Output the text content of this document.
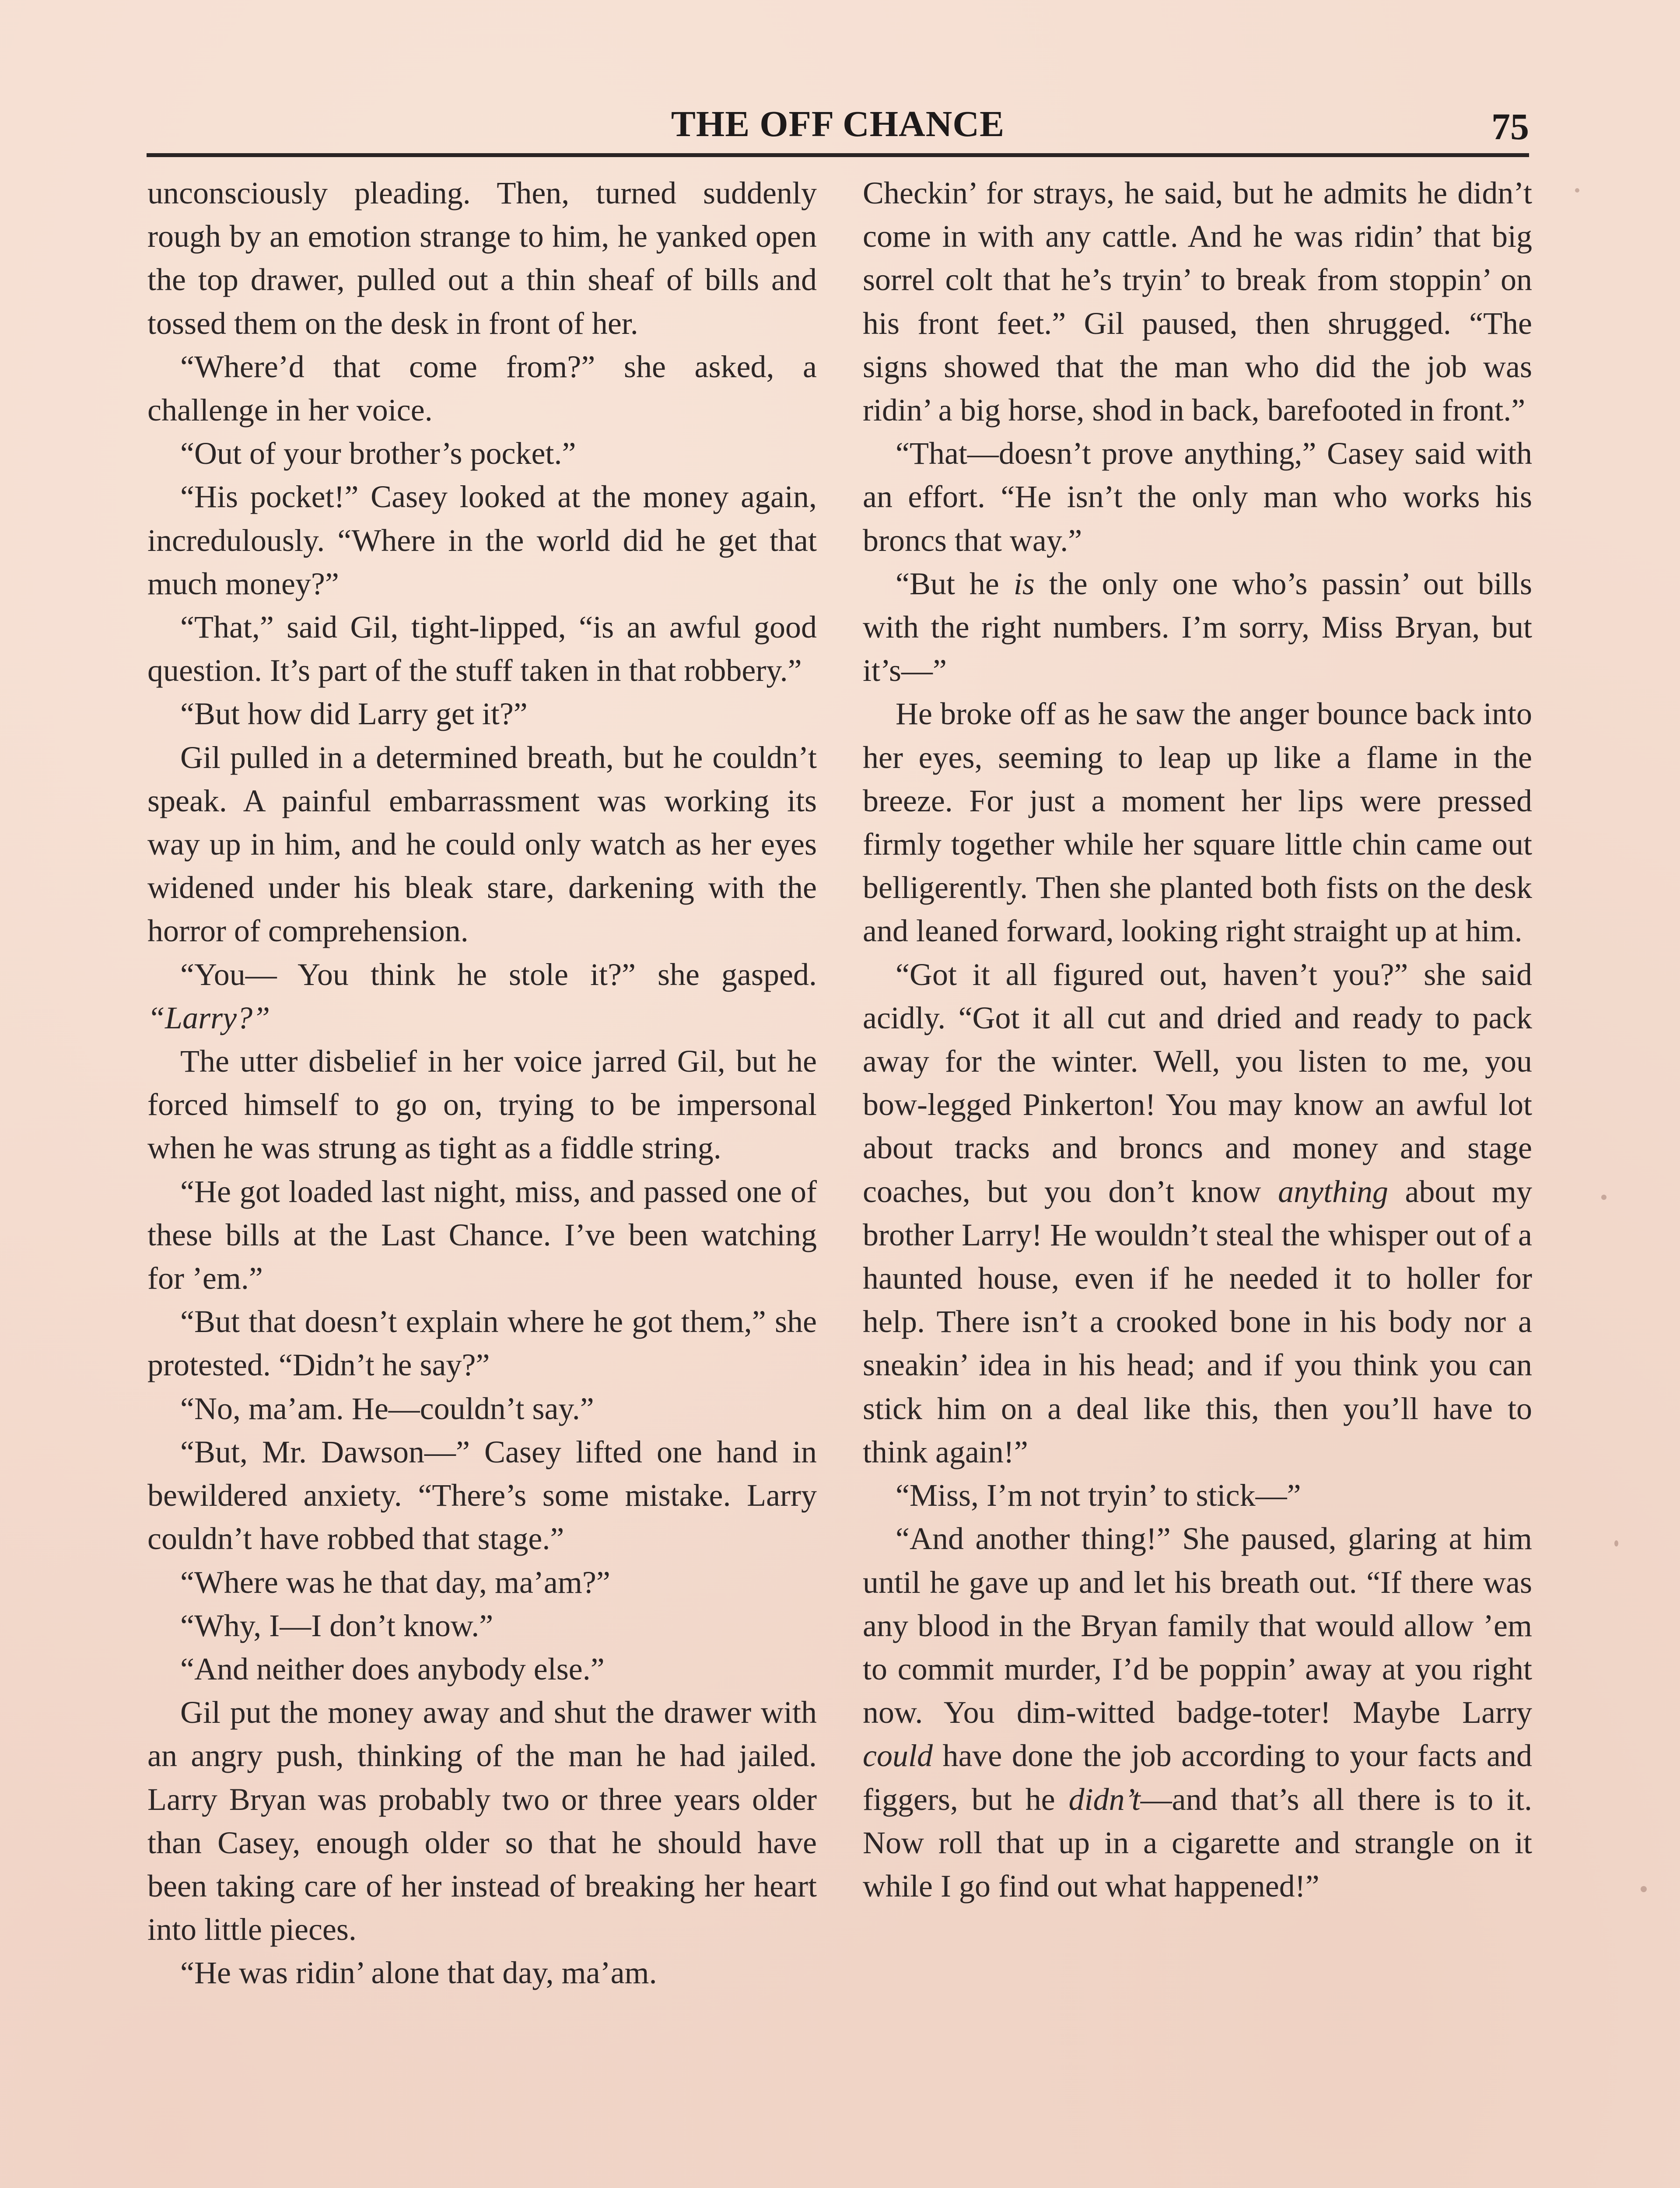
THE OFF CHANCE	75

unconsciously pleading. Then, turned suddenly rough by an emotion strange to him, he yanked open the top drawer, pulled out a thin sheaf of bills and tossed them on the desk in front of her.

“Where’d that come from?” she asked, a challenge in her voice.

“Out of your brother’s pocket.”

“His pocket!” Casey looked at the money again, incredulously. “Where in the world did he get that much money?”

“That,” said Gil, tight-lipped, “is an awful good question. It’s part of the stuff taken in that robbery.”

“But how did Larry get it?”

Gil pulled in a determined breath, but he couldn’t speak. A painful embarrassment was working its way up in him, and he could only watch as her eyes widened under his bleak stare, darkening with the horror of comprehension.

“You— You think he stole it?” she gasped. “Larry?”

The utter disbelief in her voice jarred Gil, but he forced himself to go on, trying to be impersonal when he was strung as tight as a fiddle string.

“He got loaded last night, miss, and passed one of these bills at the Last Chance. I’ve been watching for ’em.”

“But that doesn’t explain where he got them,” she protested. “Didn’t he say?”

“No, ma’am. He—couldn’t say.”

“But, Mr. Dawson—” Casey lifted one hand in bewildered anxiety. “There’s some mistake. Larry couldn’t have robbed that stage.”

“Where was he that day, ma’am?”

“Why, I—I don’t know.”

“And neither does anybody else.”

Gil put the money away and shut the drawer with an angry push, thinking of the man he had jailed. Larry Bryan was probably two or three years older than Casey, enough older so that he should have been taking care of her instead of breaking her heart into little pieces.

“He was ridin’ alone that day, ma’am.

Checkin’ for strays, he said, but he admits he didn’t come in with any cattle. And he was ridin’ that big sorrel colt that he’s tryin’ to break from stoppin’ on his front feet.” Gil paused, then shrugged. “The signs showed that the man who did the job was ridin’ a big horse, shod in back, barefooted in front.”

“That—doesn’t prove anything,” Casey said with an effort. “He isn’t the only man who works his broncs that way.”

“But he is the only one who’s passin’ out bills with the right numbers. I’m sorry, Miss Bryan, but it’s—”

He broke off as he saw the anger bounce back into her eyes, seeming to leap up like a flame in the breeze. For just a moment her lips were pressed firmly together while her square little chin came out belligerently. Then she planted both fists on the desk and leaned forward, looking right straight up at him.

“Got it all figured out, haven’t you?” she said acidly. “Got it all cut and dried and ready to pack away for the winter. Well, you listen to me, you bow-legged Pinkerton! You may know an awful lot about tracks and broncs and money and stage coaches, but you don’t know anything about my brother Larry! He wouldn’t steal the whisper out of a haunted house, even if he needed it to holler for help. There isn’t a crooked bone in his body nor a sneakin’ idea in his head; and if you think you can stick him on a deal like this, then you’ll have to think again!”

“Miss, I’m not tryin’ to stick—”

“And another thing!” She paused, glaring at him until he gave up and let his breath out. “If there was any blood in the Bryan family that would allow ’em to commit murder, I’d be poppin’ away at you right now. You dim-witted badge-toter! Maybe Larry could have done the job according to your facts and figgers, but he didn’t—and that’s all there is to it. Now roll that up in a cigarette and strangle on it while I go find out what happened!”
